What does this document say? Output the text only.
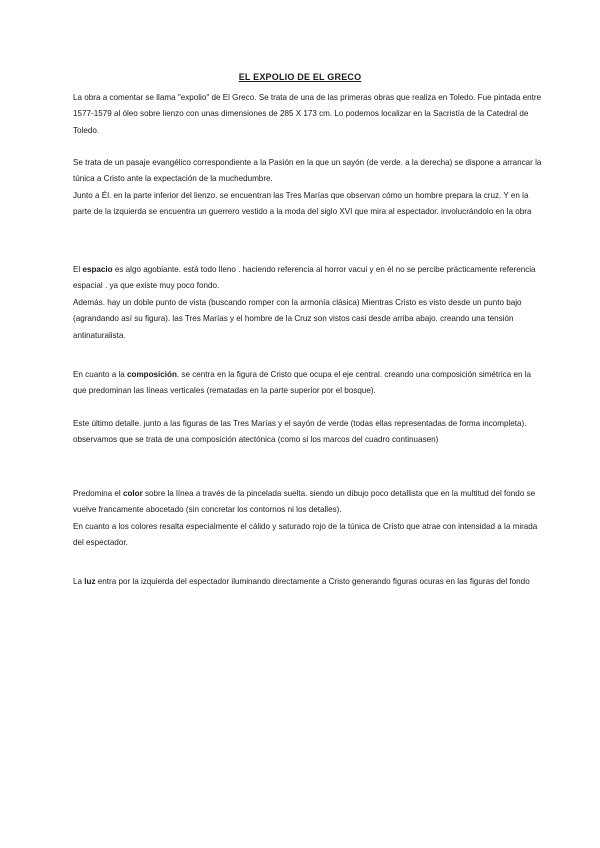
EL EXPOLIO DE EL GRECO

La obra a comentar se llama "expolio" de El Greco. Se trata de una de las primeras obras que realiza en Toledo. Fue pintada entre 1577-1579 al óleo sobre lienzo con unas dimensiones de 285 X 173 cm. Lo podemos localizar en la Sacristía de la Catedral de Toledo.

Se trata de un pasaje evangélico correspondiente a la Pasión en la que un sayón (de verde. a la derecha) se dispone a arrancar la túnica a Cristo ante la expectación de la muchedumbre.

Junto a Él. en la parte inferior del lienzo. se encuentran las Tres Marías que observan cómo un hombre prepara la cruz. Y en la parte de la izquierda se encuentra un guerrero vestido a la moda del siglo XVI que mira al espectador. involucrándolo en la obra

El espacio es algo agobiante. está todo lleno . haciendo referencia al horror vacui y en él no se percibe prácticamente referencia espacial . ya que existe muy poco fondo.

Además. hay un doble punto de vista (buscando romper con la armonía clásica) Mientras Cristo es visto desde un punto bajo (agrandando así su figura). las Tres Marías y el hombre de la Cruz son vistos casi desde arriba abajo. creando una tensión antinaturalista.

En cuanto a la composición. se centra en la figura de Cristo que ocupa el eje central. creando una composición simétrica en la que predominan las líneas verticales (rematadas en la parte superior por el bosque).

Este último detalle. junto a las figuras de las Tres Marías y el sayón de verde (todas ellas representadas de forma incompleta). observamos que se trata de una composición atectónica (como si los marcos del cuadro continuasen)

Predomina el color sobre la línea a través de la pincelada suelta. siendo un dibujo poco detallista que en la multitud del fondo se vuelve francamente abocetado (sin concretar los contornos ni los detalles).

En cuanto a los colores resalta especialmente el cálido y saturado rojo de la túnica de Cristo que atrae con intensidad a la mirada del espectador.

La luz entra por la izquierda del espectador iluminando directamente a Cristo generando figuras ocuras en las figuras del fondo
